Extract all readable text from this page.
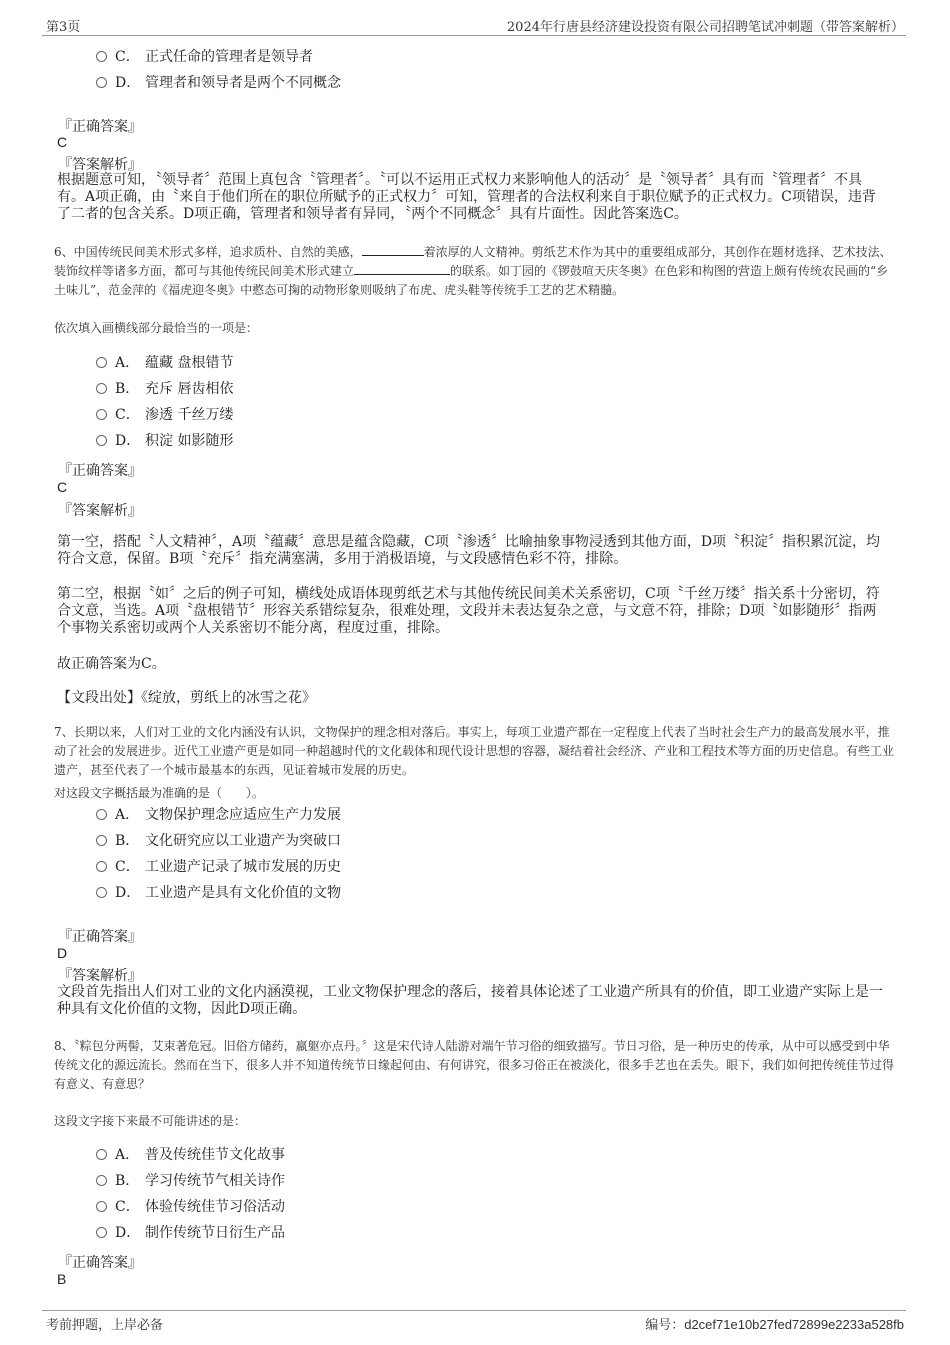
第3页	2024年行唐县经济建设投资有限公司招聘笔试冲刺题（带答案解析）
C． 正式任命的管理者是领导者
D． 管理者和领导者是两个不同概念
『正确答案』
C
『答案解析』
根据题意可知，〝领导者〞范围上真包含〝管理者〞。〝可以不运用正式权力来影响他人的活动〞是〝领导者〞具有而〝管理者〞不具有。A项正确，由〝来自于他们所在的职位所赋予的正式权力〞可知，管理者的合法权利来自于职位赋予的正式权力。C项错误，违背了二者的包含关系。D项正确，管理者和领导者有异同，〝两个不同概念〞具有片面性。因此答案选C。
6、中国传统民间美术形式多样，追求质朴、自然的美感，	着浓厚的人文精神。剪纸艺术作为其中的重要组成部分，其创作在题材选择、艺术技法、装饰纹样等诸多方面，都可与其他传统民间美术形式建立	的联系。如丁园的《锣鼓喧天庆冬奥》在色彩和构图的营造上颇有传统农民画的“乡土味儿”，范金萍的《福虎迎冬奥》中憨态可掬的动物形象则吸纳了布虎、虎头鞋等传统手工艺的艺术精髓。
依次填入画横线部分最恰当的一项是：
A． 蕴藏 盘根错节
B． 充斥 唇齿相依
C． 渗透 千丝万缕
D． 积淀 如影随形
『正确答案』
C
『答案解析』
第一空，搭配〝人文精神〞，A项〝蕴藏〞意思是蕴含隐藏，C项〝渗透〞比喻抽象事物浸透到其他方面，D项〝积淀〞指积累沉淀，均符合文意，保留。B项〝充斥〞指充满塞满，多用于消极语境，与文段感情色彩不符，排除。
第二空，根据〝如〞之后的例子可知，横线处成语体现剪纸艺术与其他传统民间美术关系密切，C项〝千丝万缕〞指关系十分密切，符合文意，当选。A项〝盘根错节〞形容关系错综复杂，很难处理，文段并未表达复杂之意，与文意不符，排除；D项〝如影随形〞指两个事物关系密切或两个人关系密切不能分离，程度过重，排除。
故正确答案为C。
【文段出处】《绽放，剪纸上的冰雪之花》
7、长期以来，人们对工业的文化内涵没有认识，文物保护的理念相对落后。事实上，每项工业遗产都在一定程度上代表了当时社会生产力的最高发展水平，推动了社会的发展进步。近代工业遗产更是如同一种超越时代的文化载体和现代设计思想的容器，凝结着社会经济、产业和工程技术等方面的历史信息。有些工业遗产，甚至代表了一个城市最基本的东西，见证着城市发展的历史。
对这段文字概括最为准确的是（　　）。
A． 文物保护理念应适应生产力发展
B． 文化研究应以工业遗产为突破口
C． 工业遗产记录了城市发展的历史
D． 工业遗产是具有文化价值的文物
『正确答案』
D
『答案解析』
文段首先指出人们对工业的文化内涵漠视，工业文物保护理念的落后，接着具体论述了工业遗产所具有的价值，即工业遗产实际上是一种具有文化价值的文物，因此D项正确。
8、〝粽包分两髻，艾束著危冠。旧俗方储药，羸躯亦点丹。〞这是宋代诗人陆游对端午节习俗的细致描写。节日习俗，是一种历史的传承，从中可以感受到中华传统文化的源远流长。然而在当下，很多人并不知道传统节日缘起何由、有何讲究，很多习俗正在被淡化，很多手艺也在丢失。眼下，我们如何把传统佳节过得有意义、有意思？
这段文字接下来最不可能讲述的是：
A． 普及传统佳节文化故事
B． 学习传统节气相关诗作
C． 体验传统佳节习俗活动
D． 制作传统节日衍生产品
『正确答案』
B
考前押题，上岸必备	编号：d2cef71e10b27fed72899e2233a528fb
